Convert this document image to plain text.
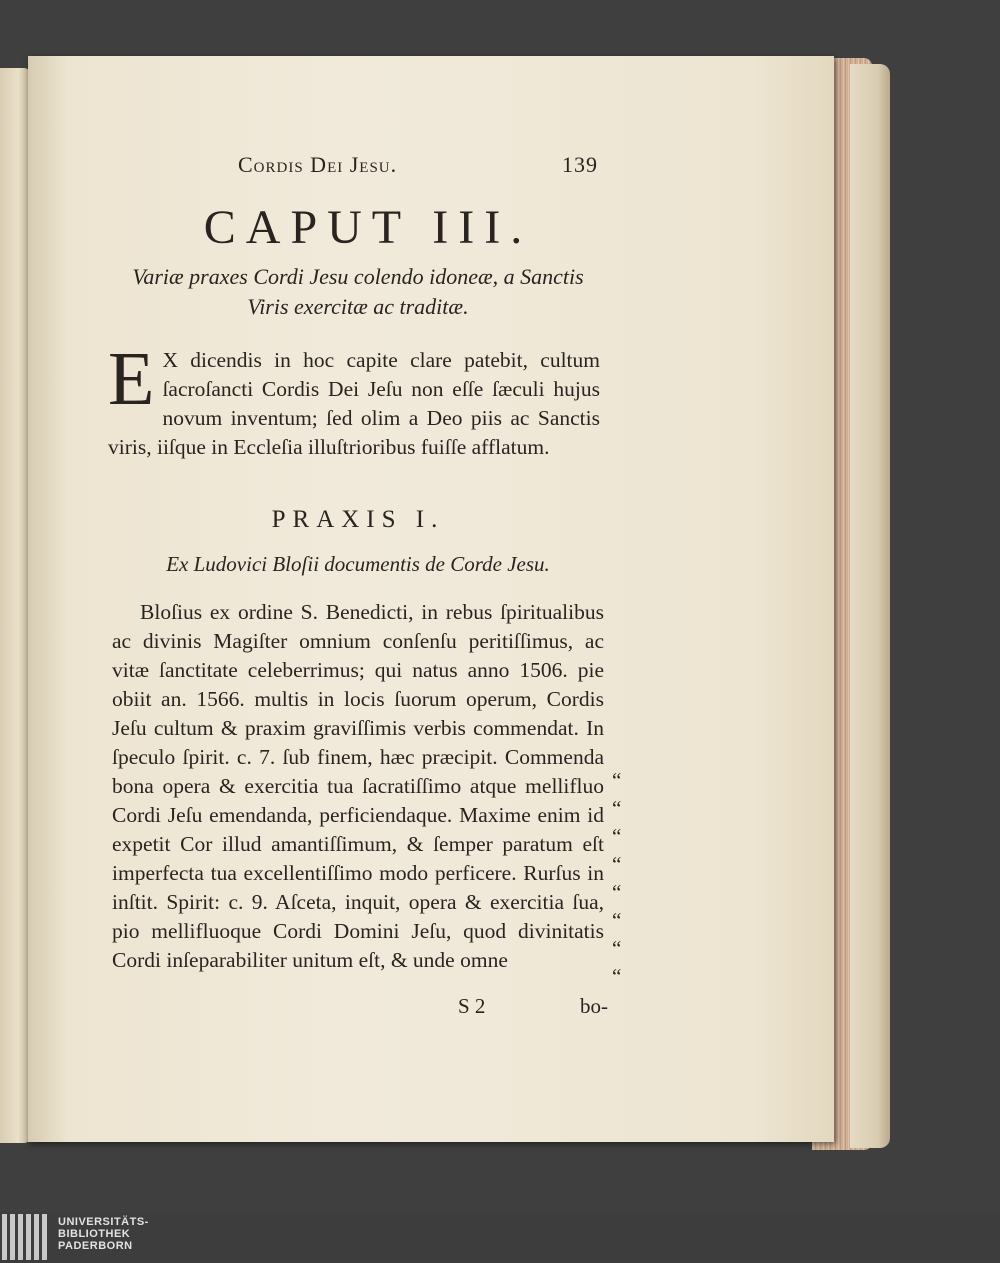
Cordis Dei Jesu.	139
CAPUT III.
Variæ praxes Cordi Jesu colendo idoneæ, a Sanctis
Viris exercitæ ac traditæ.
E X dicendis in hoc capite clare patebit, cultum ſacroſancti Cordis Dei Jeſu non eſſe ſæculi hujus novum inventum; ſed olim a Deo piis ac Sanctis viris, iiſque in Eccleſia illuſtrioribus fuiſſe afflatum.
PRAXIS I.
Ex Ludovici Bloſii documentis de Corde Jesu.
Bloſius ex ordine S. Benedicti, in rebus ſpiritualibus ac divinis Magiſter omnium conſenſu peritiſſimus, ac vitæ ſanctitate celeberrimus; qui natus anno 1506. pie obiit an. 1566. multis in locis ſuorum operum, Cordis Jeſu cultum & praxim graviſſimis verbis commendat. In ſpeculo ſpirit. c. 7. ſub finem, hæc præcipit. Commenda bona opera & exercitia tua ſacratiſſimo atque mellifluo Cordi Jeſu emendanda, perficiendaque. Maxime enim id expetit Cor illud amantiſſimum, & ſemper paratum eſt imperfecta tua excellentiſſimo modo perficere. Rurſus in inſtit. Spirit: c. 9. Aſceta, inquit, opera & exercitia ſua, pio mellifluoque Cordi Domini Jeſu, quod divinitatis Cordi inſeparabiliter unitum eſt, & unde omne
“
“
“
“
“
“
“
“
S 2	bo-
UNIVERSITÄTS-
BIBLIOTHEK
PADERBORN
